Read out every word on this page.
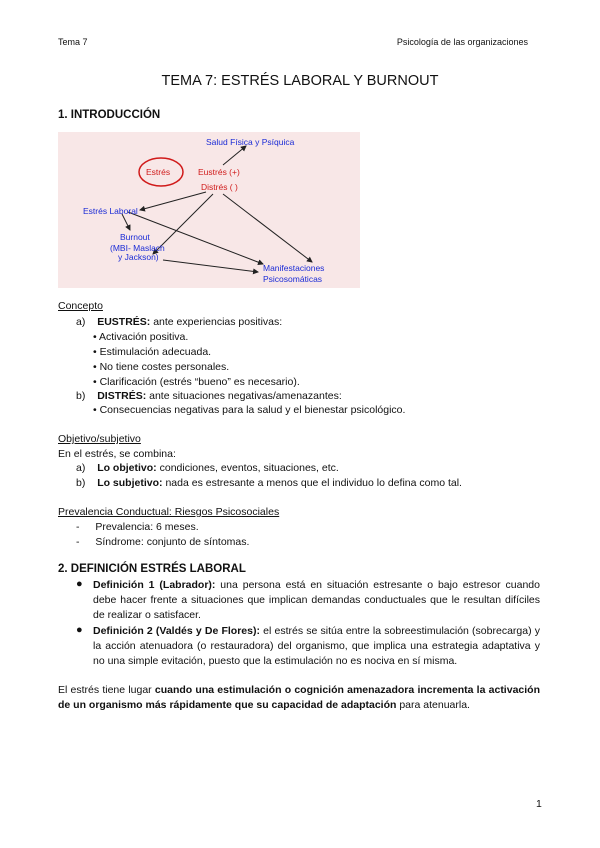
Tema 7	Psicología de las organizaciones
TEMA 7: ESTRÉS LABORAL Y BURNOUT
1. INTRODUCCIÓN
Salud Física y Psíquica
Estrés	Eustrés (+)
Distrés ( )
Estrés Laboral
Burnout
(MBI- Maslach
y Jackson)
Manifestaciones
Psicosomáticas
Concepto
a) EUSTRÉS: ante experiencias positivas:
• Activación positiva.
• Estimulación adecuada.
• No tiene costes personales.
• Clarificación (estrés “bueno” es necesario).
b) DISTRÉS: ante situaciones negativas/amenazantes:
• Consecuencias negativas para la salud y el bienestar psicológico.
Objetivo/subjetivo
En el estrés, se combina:
a) Lo objetivo: condiciones, eventos, situaciones, etc.
b) Lo subjetivo: nada es estresante a menos que el individuo lo defina como tal.
Prevalencia Conductual: Riesgos Psicosociales
- Prevalencia: 6 meses.
- Síndrome: conjunto de síntomas.
2. DEFINICIÓN ESTRÉS LABORAL
● Definición 1 (Labrador): una persona está en situación estresante o bajo estresor cuando debe hacer frente a situaciones que implican demandas conductuales que le resultan difíciles de realizar o satisfacer.
● Definición 2 (Valdés y De Flores): el estrés se sitúa entre la sobreestimulación (sobrecarga) y la acción atenuadora (o restauradora) del organismo, que implica una estrategia adaptativa y no una simple evitación, puesto que la estimulación no es nociva en sí misma.
El estrés tiene lugar cuando una estimulación o cognición amenazadora incrementa la activación de un organismo más rápidamente que su capacidad de adaptación para atenuarla.
1
